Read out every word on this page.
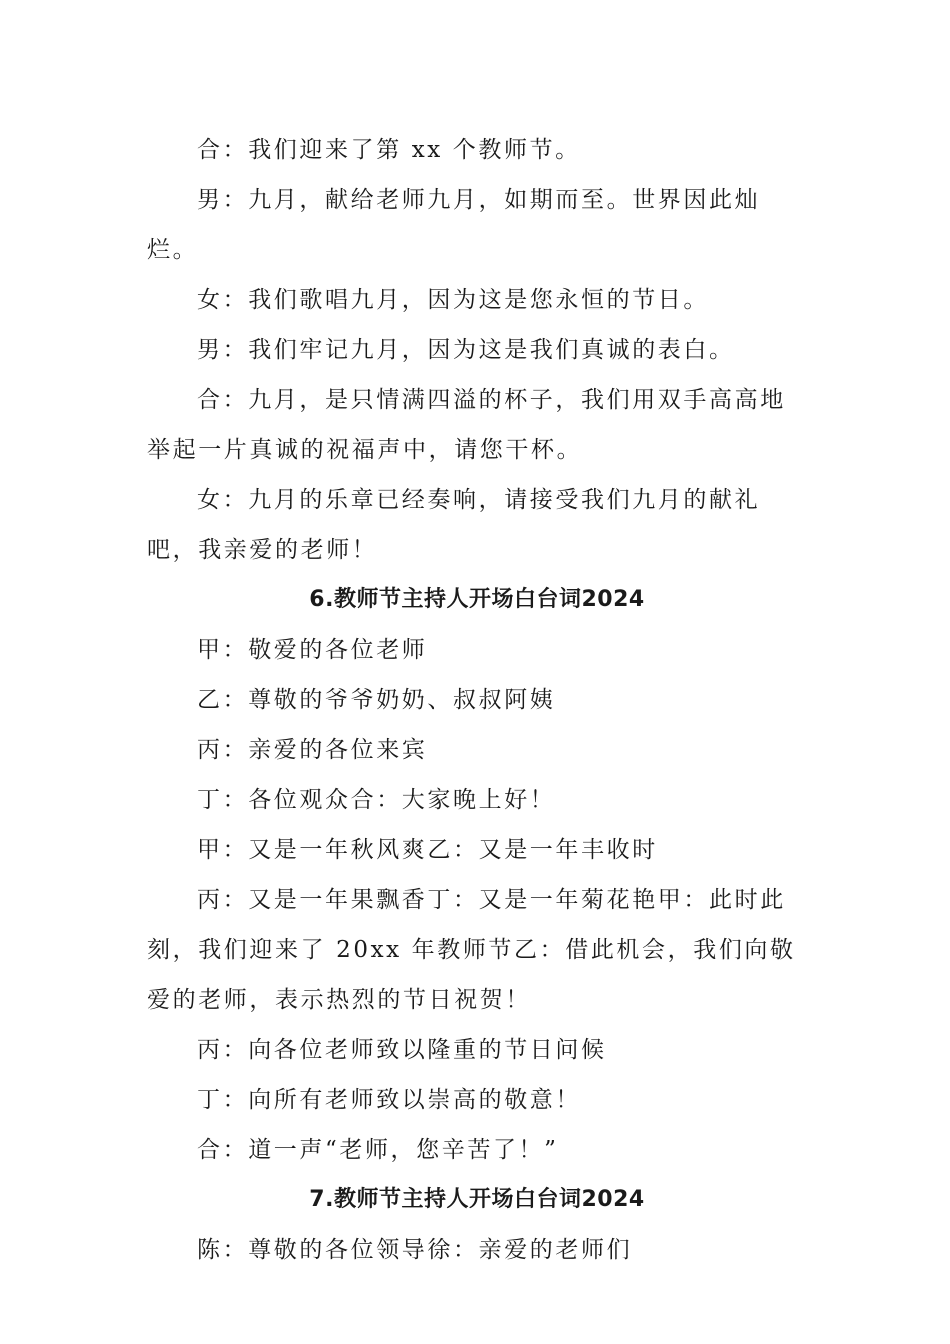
合：我们迎来了第 xx 个教师节。

男：九月，献给老师九月，如期而至。世界因此灿烂。

女：我们歌唱九月，因为这是您永恒的节日。

男：我们牢记九月，因为这是我们真诚的表白。

合：九月，是只情满四溢的杯子，我们用双手高高地举起一片真诚的祝福声中，请您干杯。

女：九月的乐章已经奏响，请接受我们九月的献礼吧，我亲爱的老师！

6.教师节主持人开场白台词2024

甲：敬爱的各位老师

乙：尊敬的爷爷奶奶、叔叔阿姨

丙：亲爱的各位来宾

丁：各位观众合：大家晚上好！

甲：又是一年秋风爽乙：又是一年丰收时

丙：又是一年果飘香丁：又是一年菊花艳甲：此时此刻，我们迎来了 20xx 年教师节乙：借此机会，我们向敬爱的老师，表示热烈的节日祝贺！

丙：向各位老师致以隆重的节日问候

丁：向所有老师致以崇高的敬意！

合：道一声“老师，您辛苦了！”

7.教师节主持人开场白台词2024

陈：尊敬的各位领导徐：亲爱的老师们
